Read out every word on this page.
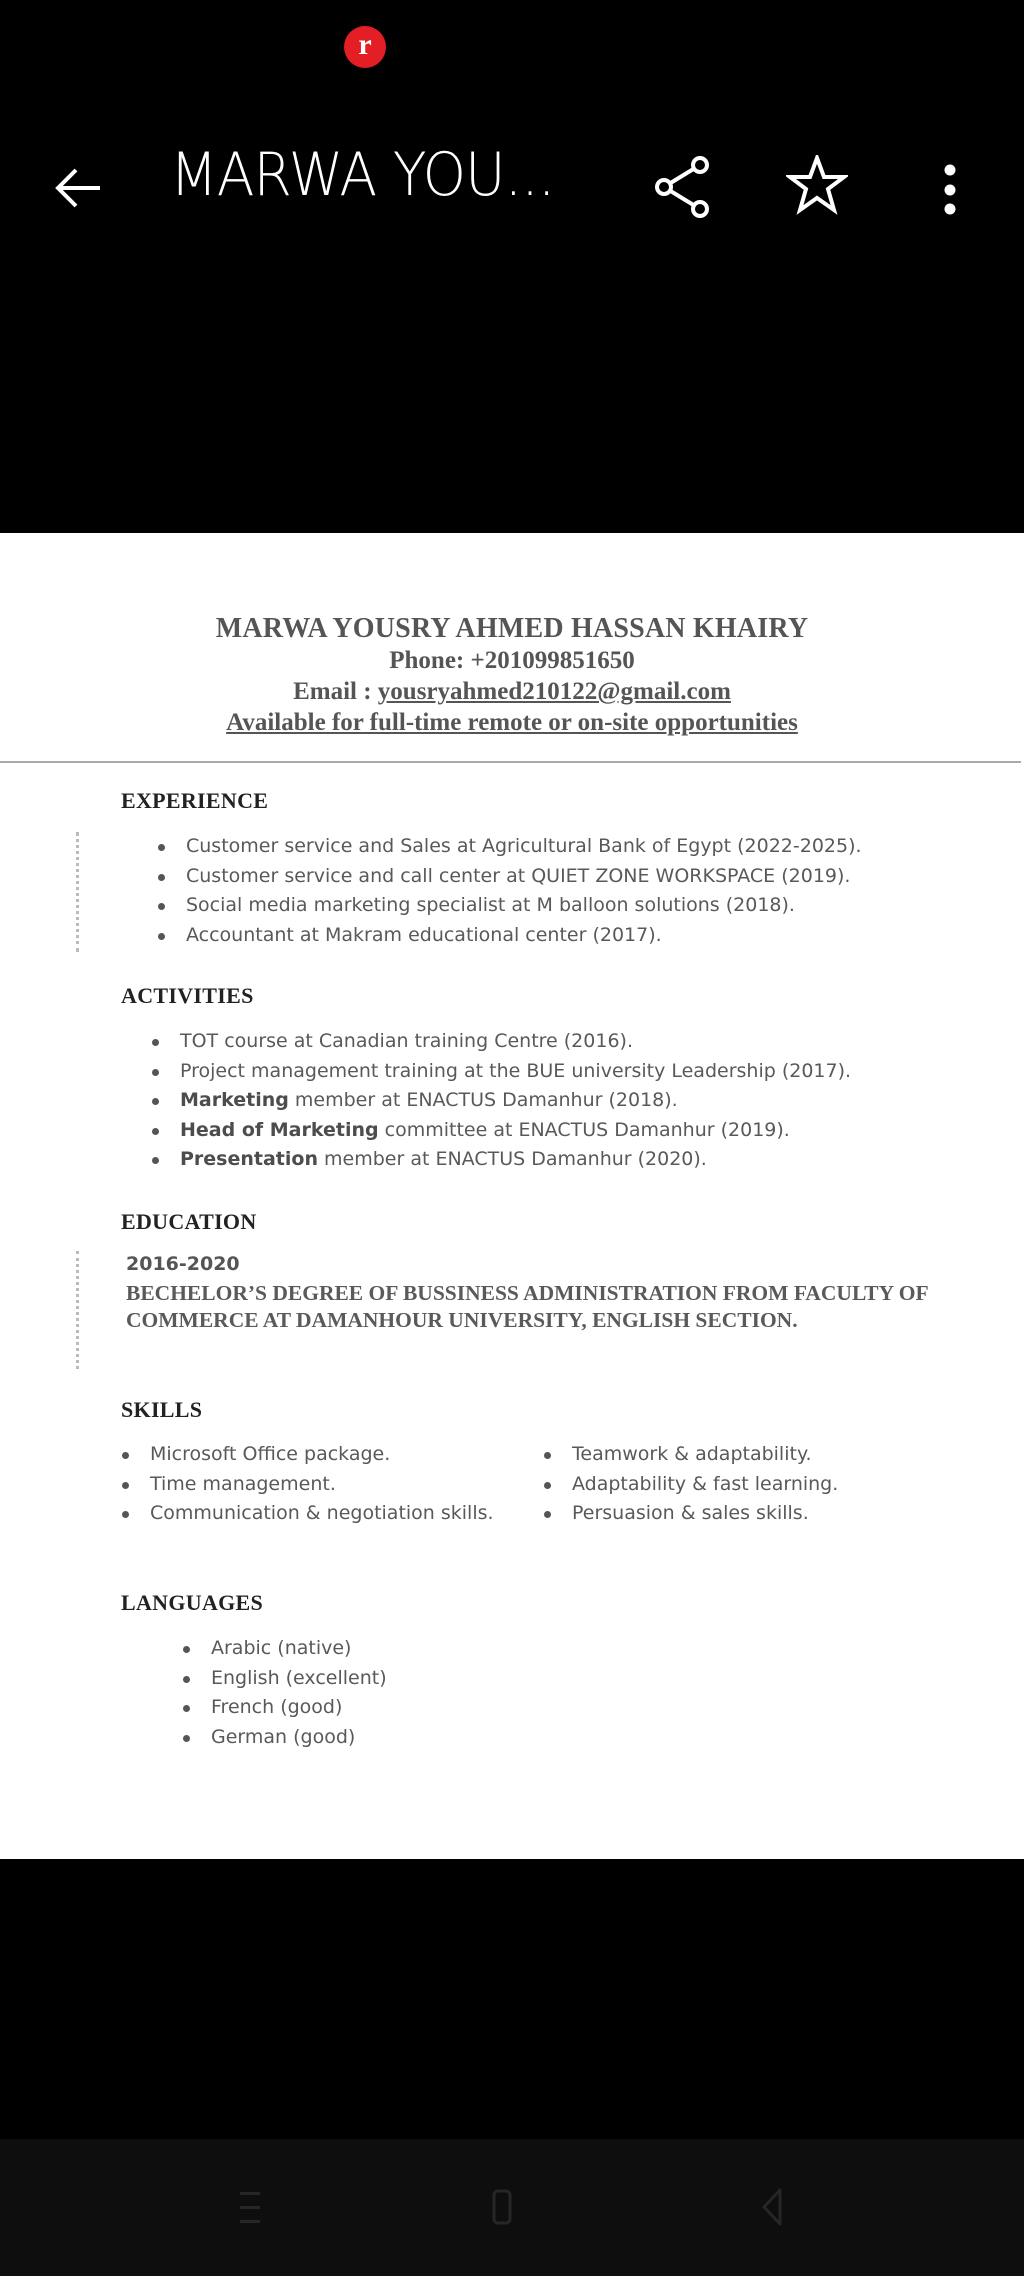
r
MARWA YOU...
MARWA YOUSRY AHMED HASSAN KHAIRY
Phone: +201099851650
Email : yousryahmed210122@gmail.com
Available for full-time remote or on-site opportunities
EXPERIENCE
Customer service and Sales at Agricultural Bank of Egypt (2022-2025).
Customer service and call center at QUIET ZONE WORKSPACE (2019).
Social media marketing specialist at M balloon solutions (2018).
Accountant at Makram educational center (2017).
ACTIVITIES
TOT course at Canadian training Centre (2016).
Project management training at the BUE university Leadership (2017).
Marketing member at ENACTUS Damanhur (2018).
Head of Marketing committee at ENACTUS Damanhur (2019).
Presentation member at ENACTUS Damanhur (2020).
EDUCATION
2016-2020
BECHELOR’S DEGREE OF BUSSINESS ADMINISTRATION FROM FACULTY OF COMMERCE AT DAMANHOUR UNIVERSITY, ENGLISH SECTION.
SKILLS
Microsoft Office package.
Time management.
Communication & negotiation skills.
Teamwork & adaptability.
Adaptability & fast learning.
Persuasion & sales skills.
LANGUAGES
Arabic (native)
English (excellent)
French (good)
German (good)
